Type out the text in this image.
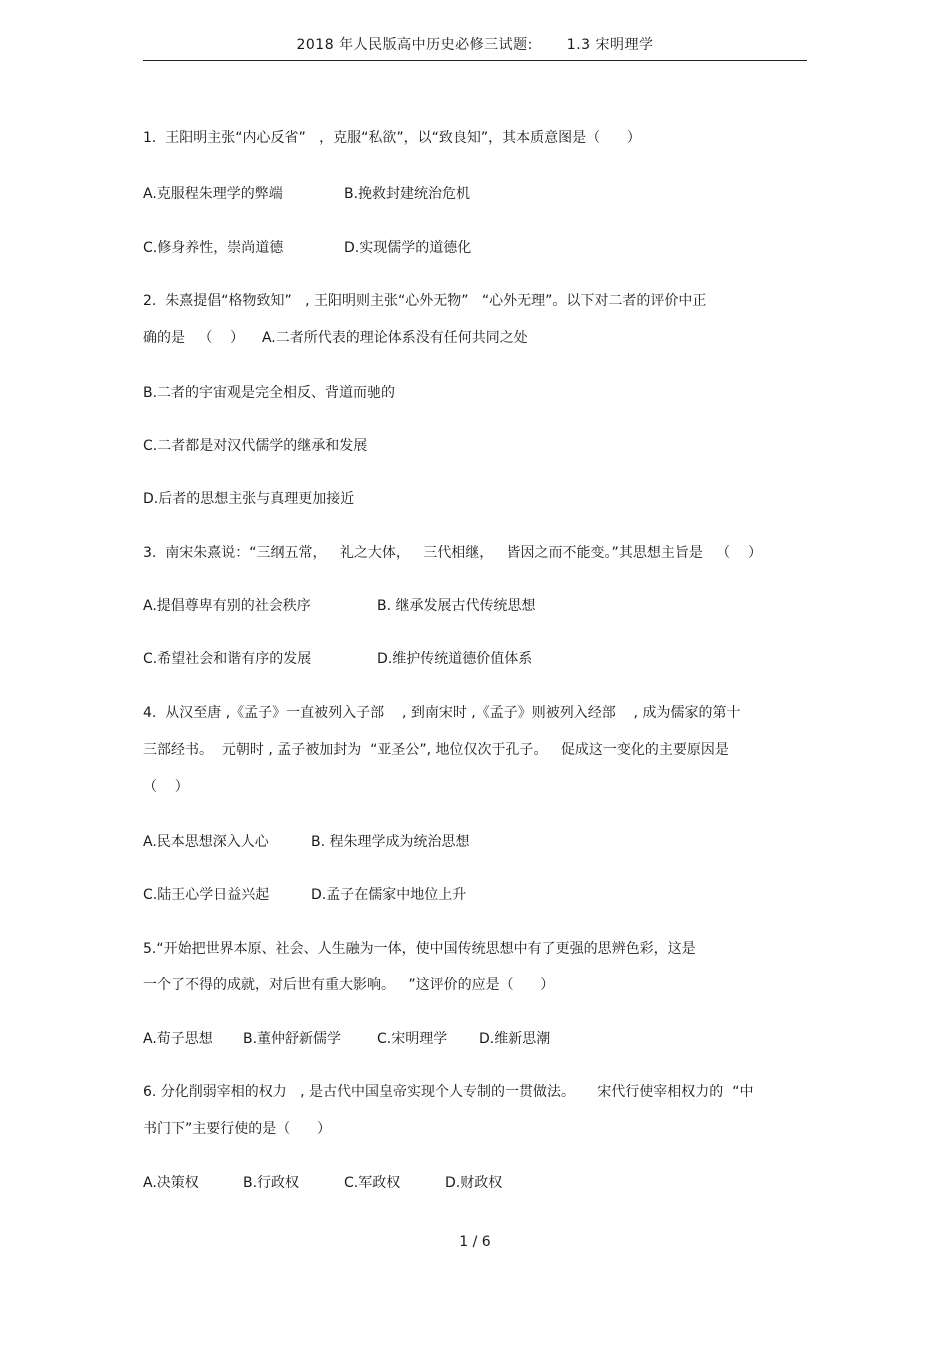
2018 年人民版高中历史必修三试题: 1.3 宋明理学
1.  王阳明主张“内心反省”   ，克服“私欲”，以“致良知”，其本质意图是（      ）
A.克服程朱理学的弊端	B.挽救封建统治危机
C.修身养性，崇尚道德	D.实现儒学的道德化
2.  朱熹提倡“格物致知”   , 王阳明则主张“心外无物”   “心外无理”。以下对二者的评价中正
确的是   （    ）    A.二者所代表的理论体系没有任何共同之处
B.二者的宇宙观是完全相反、背道而驰的
C.二者都是对汉代儒学的继承和发展
D.后者的思想主张与真理更加接近
3.  南宋朱熹说：“三纲五常，   礼之大体，   三代相继，   皆因之而不能变。”其思想主旨是   （    ）
A.提倡尊卑有别的社会秩序	B. 继承发展古代传统思想
C.希望社会和谐有序的发展	D.维护传统道德价值体系
4.  从汉至唐 ,《孟子》一直被列入子部    , 到南宋时 ,《孟子》则被列入经部    , 成为儒家的第十
三部经书。  元朝时 , 孟子被加封为  “亚圣公”, 地位仅次于孔子。   促成这一变化的主要原因是
（    ）
A.民本思想深入人心	B. 程朱理学成为统治思想
C.陆王心学日益兴起	D.孟子在儒家中地位上升
5.“开始把世界本原、社会、人生融为一体，使中国传统思想中有了更强的思辨色彩，这是
一个了不得的成就，对后世有重大影响。   ”这评价的应是（      ）
A.荀子思想 B.董仲舒新儒学	C.宋明理学 D.维新思潮
6. 分化削弱宰相的权力   , 是古代中国皇帝实现个人专制的一贯做法。     宋代行使宰相权力的  “中
书门下”主要行使的是（      ）
A.决策权	B.行政权	C.军政权	D.财政权
1 / 6
